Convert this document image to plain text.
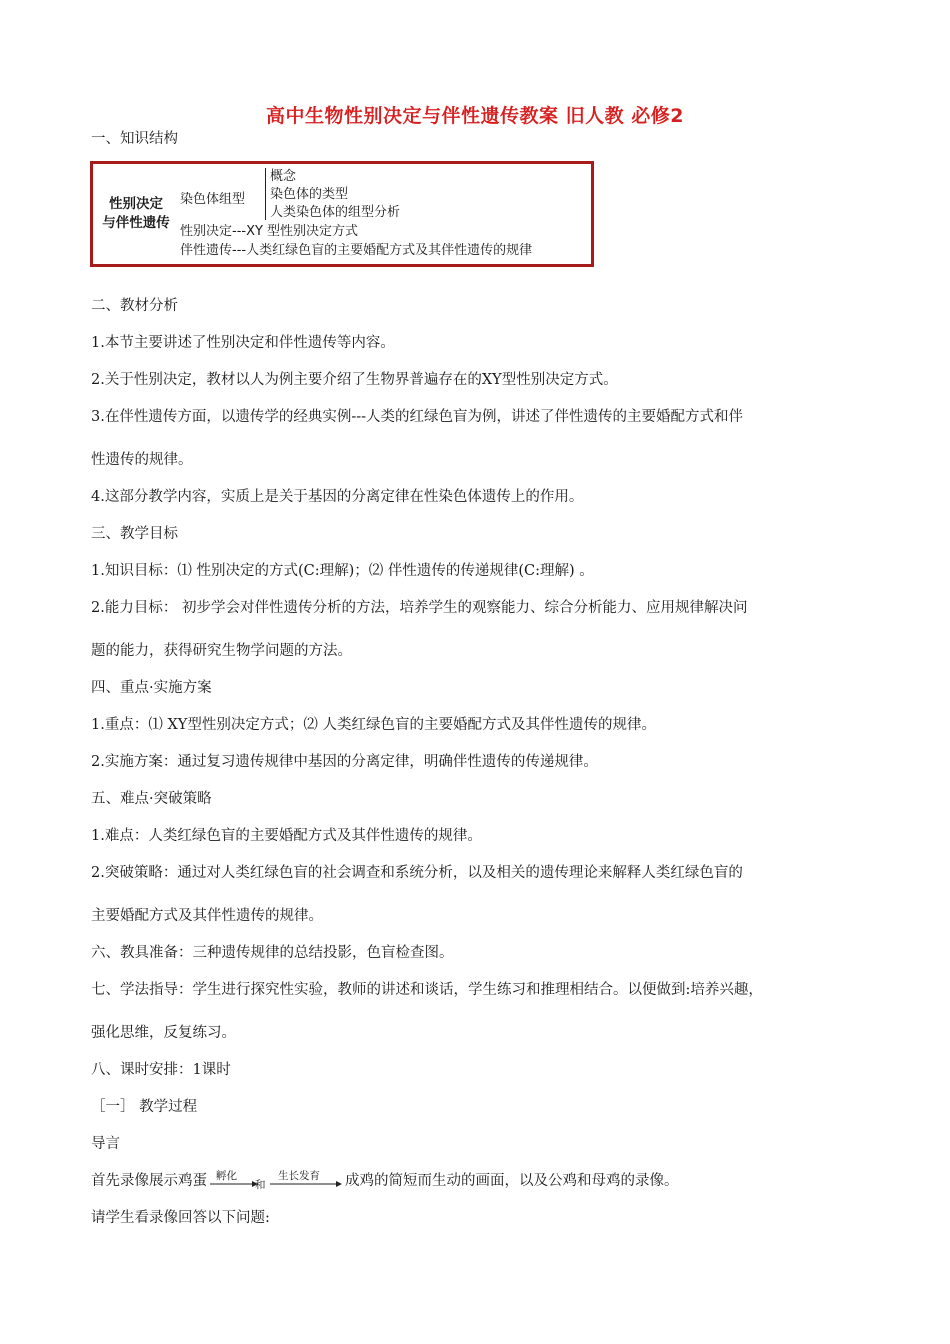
高中生物性别决定与伴性遗传教案 旧人教 必修2
一、知识结构
性别决定
与伴性遗传
染色体组型
概念
染色体的类型
人类染色体的组型分析
性别决定---XY 型性别决定方式
伴性遗传---人类红绿色盲的主要婚配方式及其伴性遗传的规律
二、教材分析
1.本节主要讲述了性别决定和伴性遗传等内容。
2.关于性别决定，教材以人为例主要介绍了生物界普遍存在的XY型性别决定方式。
3.在伴性遗传方面，以遗传学的经典实例---人类的红绿色盲为例，讲述了伴性遗传的主要婚配方式和伴
性遗传的规律。
4.这部分教学内容，实质上是关于基因的分离定律在性染色体遗传上的作用。
三、教学目标
1.知识目标：⑴ 性别决定的方式(C:理解)；⑵ 伴性遗传的传递规律(C:理解) 。
2.能力目标： 初步学会对伴性遗传分析的方法，培养学生的观察能力、综合分析能力、应用规律解决问
题的能力，获得研究生物学问题的方法。
四、重点·实施方案
1.重点：⑴ XY型性别决定方式；⑵ 人类红绿色盲的主要婚配方式及其伴性遗传的规律。
2.实施方案：通过复习遗传规律中基因的分离定律，明确伴性遗传的传递规律。
五、难点·突破策略
1.难点：人类红绿色盲的主要婚配方式及其伴性遗传的规律。
2.突破策略：通过对人类红绿色盲的社会调查和系统分析，以及相关的遗传理论来解释人类红绿色盲的
主要婚配方式及其伴性遗传的规律。
六、教具准备：三种遗传规律的总结投影，色盲检查图。
七、学法指导：学生进行探究性实验，教师的讲述和谈话，学生练习和推理相结合。以便做到:培养兴趣，
强化思维，反复练习。
八、课时安排：1课时
［一］ 教学过程
导言
首先录像展示鸡蛋 孵化
和
生长发育 成鸡的简短而生动的画面，以及公鸡和母鸡的录像。
请学生看录像回答以下问题:
